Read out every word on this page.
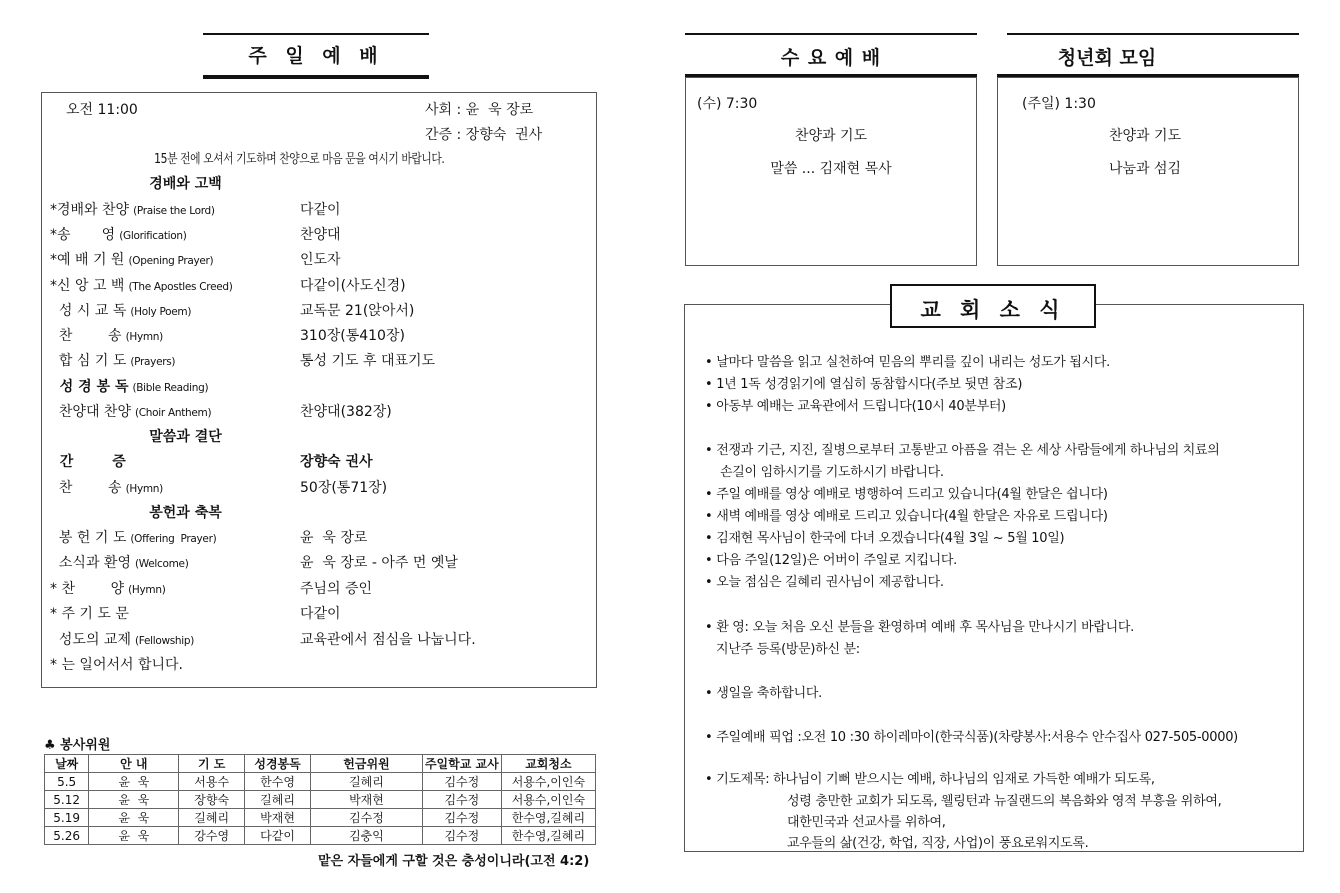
주 일 예 배
오전 11:00	사회 : 윤  욱 장로
간증 : 장향숙  권사
15분 전에 오셔서 기도하며 찬양으로 마음 문을 여시기 바랍니다.
경배와 고백
*경배와 찬양 (Praise the Lord)	다같이
*송       영 (Glorification)	찬양대
*예 배 기 원 (Opening Prayer)	인도자
*신 앙 고 백 (The Apostles Creed)	다같이(사도신경)
성 시 교 독 (Holy Poem)	교독문 21(앉아서)
찬        송 (Hymn)	310장(통410장)
합 심 기 도 (Prayers)	통성 기도 후 대표기도
성 경 봉 독 (Bible Reading)
찬양대 찬양 (Choir Anthem)	찬양대(382장)
간        증	장향숙 권사
찬        송 (Hymn)	50장(통71장)
봉 헌 기 도 (Offering  Prayer)	윤  욱 장로
소식과 환영 (Welcome)	윤  욱 장로 - 아주 먼 옛날
* 찬        양 (Hymn)	주님의 증인
* 주 기 도 문	다같이
성도의 교제 (Fellowship)	교육관에서 점심을 나눕니다.
말씀과 결단
봉헌과 축복
* 는 일어서서 합니다.
♣ 봉사위원
날짜	안 내	기 도	성경봉독	헌금위원	주일학교 교사	교회청소
5.5	윤  욱	서용수	한수영	길혜리	김수정	서용수,이인숙
5.12	윤  욱	장향숙	길혜리	박재현	김수정	서용수,이인숙
5.19	윤  욱	길혜리	박재현	김수정	김수정	한수영,길혜리
5.26	윤  욱	강수영	다같이	김충익	김수정	한수영,길혜리
맡은 자들에게 구할 것은 충성이니라(고전 4:2)
수 요 예 배
(수) 7:30
찬양과 기도
말씀 ... 김재현 목사
청년회 모임
(주일) 1:30
찬양과 기도
나눔과 섬김
교 회 소 식
• 날마다 말씀을 읽고 실천하여 믿음의 뿌리를 깊이 내리는 성도가 됩시다.
• 1년 1독 성경읽기에 열심히 동참합시다(주보 뒷면 참조)
• 아동부 예배는 교육관에서 드립니다(10시 40분부터)
• 전쟁과 기근, 지진, 질병으로부터 고통받고 아픔을 겪는 온 세상 사람들에게 하나님의 치료의
손길이 임하시기를 기도하시기 바랍니다.
• 주일 예배를 영상 예배로 병행하여 드리고 있습니다(4월 한달은 쉽니다)
• 새벽 예배를 영상 예배로 드리고 있습니다(4월 한달은 자유로 드립니다)
• 김재현 목사님이 한국에 다녀 오겠습니다(4월 3일 ~ 5월 10일)
• 다음 주일(12일)은 어버이 주일로 지킵니다.
• 오늘 점심은 길혜리 권사님이 제공합니다.
• 환 영: 오늘 처음 오신 분들을 환영하며 예배 후 목사님을 만나시기 바랍니다.
지난주 등록(방문)하신 분:
• 생일을 축하합니다.
• 주일예배 픽업 :오전 10 :30 하이레마이(한국식품)(차량봉사:서용수 안수집사 027-505-0000)
• 기도제목: 하나님이 기뻐 받으시는 예배, 하나님의 임재로 가득한 예배가 되도록,
성령 충만한 교회가 되도록, 웰링턴과 뉴질랜드의 복음화와 영적 부흥을 위하여,
대한민국과 선교사를 위하여,
교우들의 삶(건강, 학업, 직장, 사업)이 풍요로워지도록.
